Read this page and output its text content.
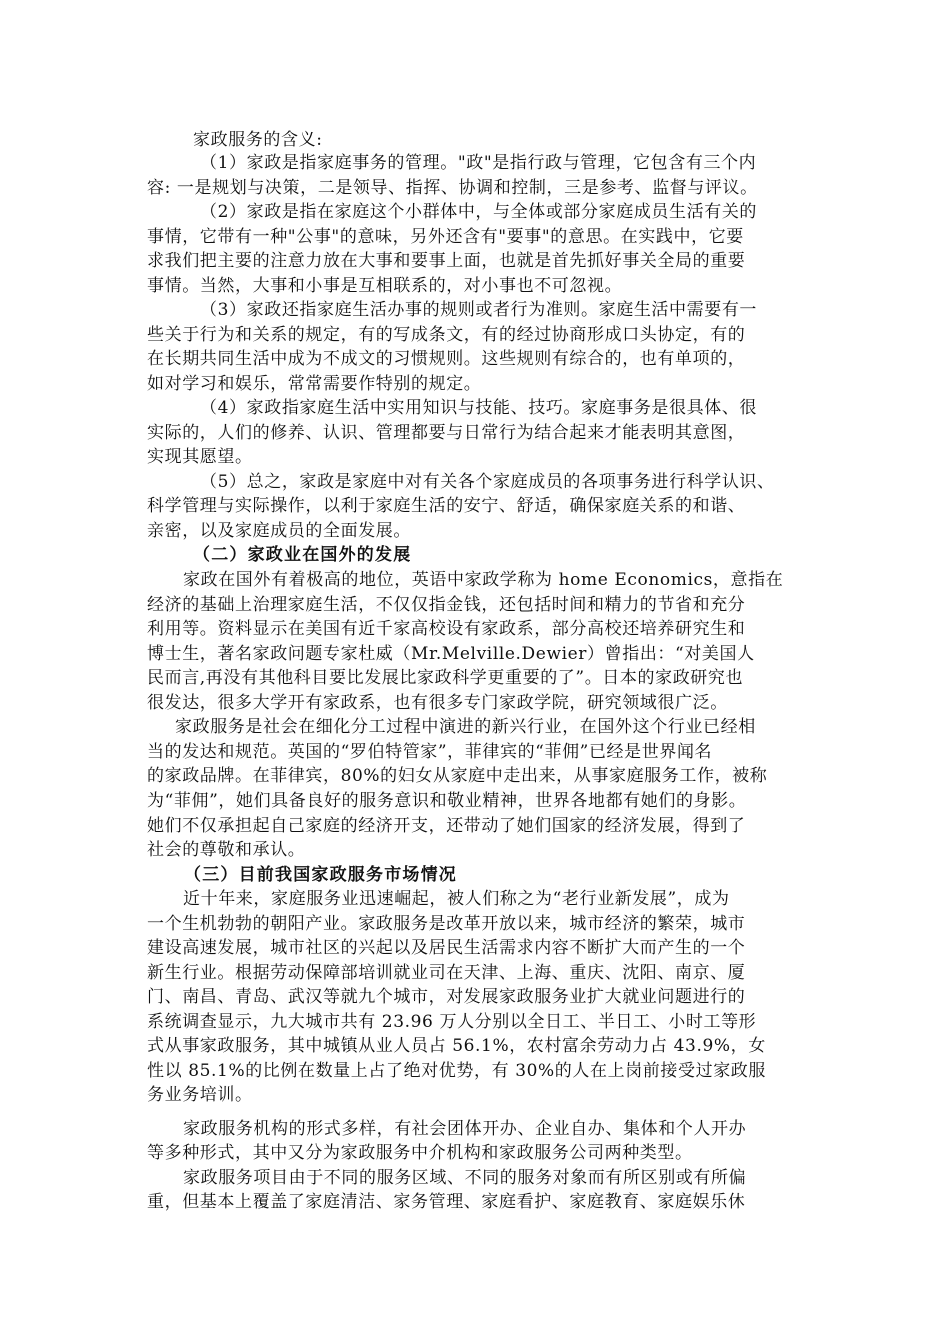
家政服务的含义:
（1）家政是指家庭事务的管理。"政"是指行政与管理，它包含有三个内
容: 一是规划与决策，二是领导、指挥、协调和控制，三是参考、监督与评议。
（2）家政是指在家庭这个小群体中，与全体或部分家庭成员生活有关的
事情，它带有一种"公事"的意味，另外还含有"要事"的意思。在实践中，它要
求我们把主要的注意力放在大事和要事上面，也就是首先抓好事关全局的重要
事情。当然，大事和小事是互相联系的，对小事也不可忽视。
（3）家政还指家庭生活办事的规则或者行为准则。家庭生活中需要有一
些关于行为和关系的规定，有的写成条文，有的经过协商形成口头协定，有的
在长期共同生活中成为不成文的习惯规则。这些规则有综合的，也有单项的，
如对学习和娱乐，常常需要作特别的规定。
（4）家政指家庭生活中实用知识与技能、技巧。家庭事务是很具体、很
实际的，人们的修养、认识、管理都要与日常行为结合起来才能表明其意图，
实现其愿望。
（5）总之，家政是家庭中对有关各个家庭成员的各项事务进行科学认识、
科学管理与实际操作，以利于家庭生活的安宁、舒适，确保家庭关系的和谐、
亲密，以及家庭成员的全面发展。
（二）家政业在国外的发展
家政在国外有着极高的地位，英语中家政学称为 home Economics，意指在
经济的基础上治理家庭生活，不仅仅指金钱，还包括时间和精力的节省和充分
利用等。资料显示在美国有近千家高校设有家政系，部分高校还培养研究生和
博士生，著名家政问题专家杜威（Mr.Melville.Dewier）曾指出：“对美国人
民而言,再没有其他科目要比发展比家政科学更重要的了”。日本的家政研究也
很发达，很多大学开有家政系，也有很多专门家政学院，研究领域很广泛。
家政服务是社会在细化分工过程中演进的新兴行业，在国外这个行业已经相
当的发达和规范。英国的“罗伯特管家”，菲律宾的“菲佣”已经是世界闻名
的家政品牌。在菲律宾，80%的妇女从家庭中走出来，从事家庭服务工作，被称
为“菲佣”，她们具备良好的服务意识和敬业精神，世界各地都有她们的身影。
她们不仅承担起自己家庭的经济开支，还带动了她们国家的经济发展，得到了
社会的尊敬和承认。
（三）目前我国家政服务市场情况
近十年来，家庭服务业迅速崛起，被人们称之为“老行业新发展”，成为
一个生机勃勃的朝阳产业。家政服务是改革开放以来，城市经济的繁荣，城市
建设高速发展，城市社区的兴起以及居民生活需求内容不断扩大而产生的一个
新生行业。根据劳动保障部培训就业司在天津、上海、重庆、沈阳、南京、厦
门、南昌、青岛、武汉等就九个城市，对发展家政服务业扩大就业问题进行的
系统调查显示，九大城市共有 23.96 万人分别以全日工、半日工、小时工等形
式从事家政服务，其中城镇从业人员占 56.1%，农村富余劳动力占 43.9%，女
性以 85.1%的比例在数量上占了绝对优势，有 30%的人在上岗前接受过家政服
务业务培训。
家政服务机构的形式多样，有社会团体开办、企业自办、集体和个人开办
等多种形式，其中又分为家政服务中介机构和家政服务公司两种类型。
家政服务项目由于不同的服务区域、不同的服务对象而有所区别或有所偏
重，但基本上覆盖了家庭清洁、家务管理、家庭看护、家庭教育、家庭娱乐休
